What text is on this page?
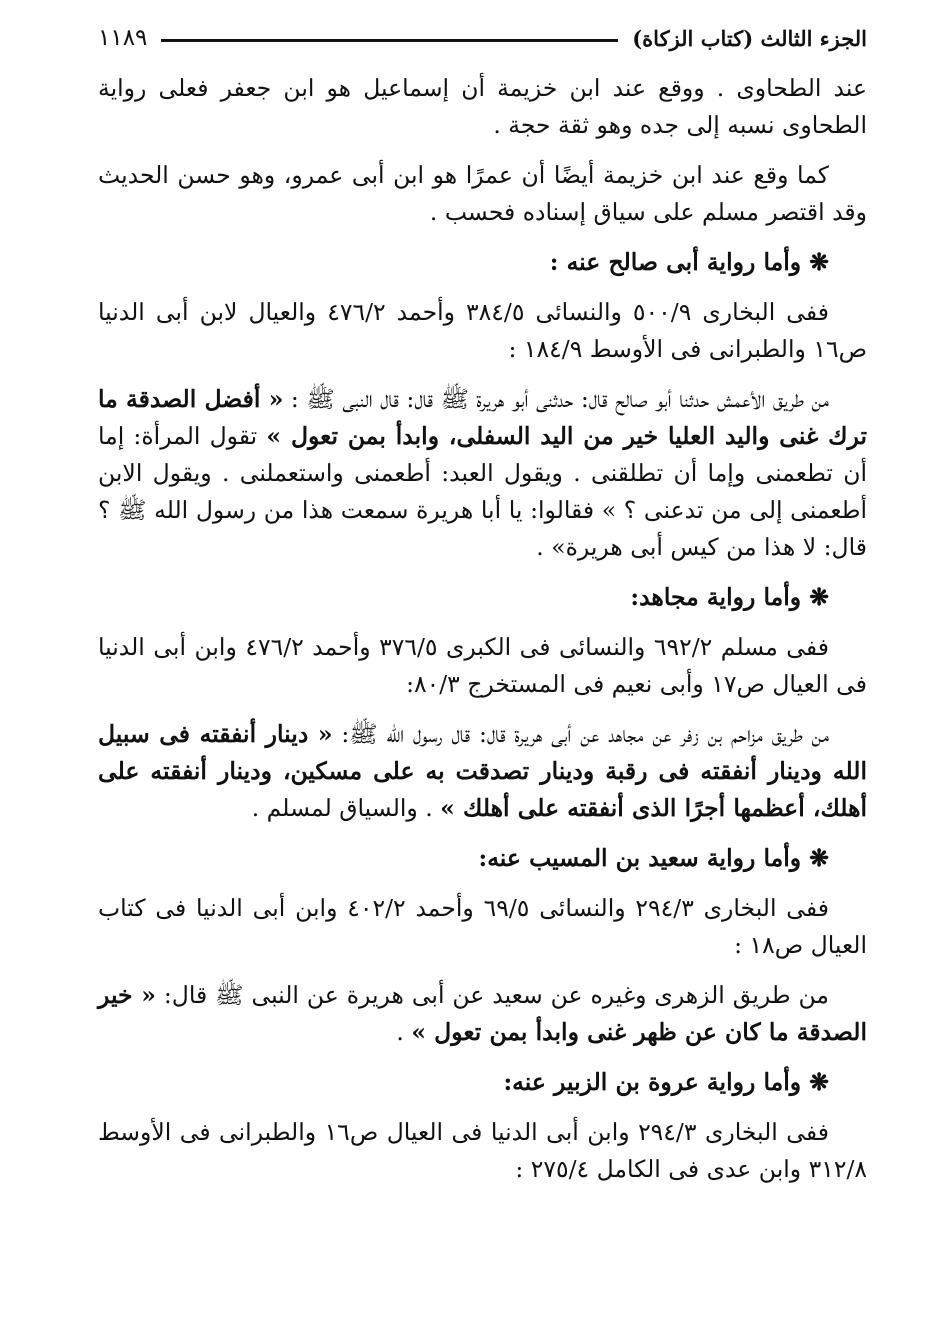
الجزء الثالث (كتاب الزكاة)
١١٨٩

عند الطحاوى . ووقع عند ابن خزيمة أن إسماعيل هو ابن جعفر فعلى رواية الطحاوى نسبه إلى جده وهو ثقة حجة .

كما وقع عند ابن خزيمة أيضًا أن عمرًا هو ابن أبى عمرو، وهو حسن الحديث وقد اقتصر مسلم على سياق إسناده فحسب .

❋ وأما رواية أبى صالح عنه :

ففى البخارى ٥٠٠/٩ والنسائى ٣٨٤/٥ وأحمد ٤٧٦/٢ والعيال لابن أبى الدنيا ص١٦ والطبرانى فى الأوسط ١٨٤/٩ :

من طريق الأعمش حدثنا أبو صالح قال: حدثنى أبو هريرة ﷺ قال: قال النبى ﷺ : « أفضل الصدقة ما ترك غنى واليد العليا خير من اليد السفلى، وابدأ بمن تعول » تقول المرأة: إما أن تطعمنى وإما أن تطلقنى . ويقول العبد: أطعمنى واستعملنى . ويقول الابن أطعمنى إلى من تدعنى ؟ » فقالوا: يا أبا هريرة سمعت هذا من رسول الله ﷺ ؟ قال: لا هذا من كيس أبى هريرة» .

❋ وأما رواية مجاهد:

ففى مسلم ٦٩٢/٢ والنسائى فى الكبرى ٣٧٦/٥ وأحمد ٤٧٦/٢ وابن أبى الدنيا فى العيال ص١٧ وأبى نعيم فى المستخرج ٨٠/٣:

من طريق مزاحم بن زفر عن مجاهد عن أبى هريرة قال: قال رسول الله ﷺ: « دينار أنفقته فى سبيل الله ودينار أنفقته فى رقبة ودينار تصدقت به على مسكين، ودينار أنفقته على أهلك، أعظمها أجرًا الذى أنفقته على أهلك » . والسياق لمسلم .

❋ وأما رواية سعيد بن المسيب عنه:

ففى البخارى ٢٩٤/٣ والنسائى ٦٩/٥ وأحمد ٤٠٢/٢ وابن أبى الدنيا فى كتاب العيال ص١٨ :

من طريق الزهرى وغيره عن سعيد عن أبى هريرة عن النبى ﷺ قال: « خير الصدقة ما كان عن ظهر غنى وابدأ بمن تعول » .

❋ وأما رواية عروة بن الزبير عنه:

ففى البخارى ٢٩٤/٣ وابن أبى الدنيا فى العيال ص١٦ والطبرانى فى الأوسط ٣١٢/٨ وابن عدى فى الكامل ٢٧٥/٤ :
